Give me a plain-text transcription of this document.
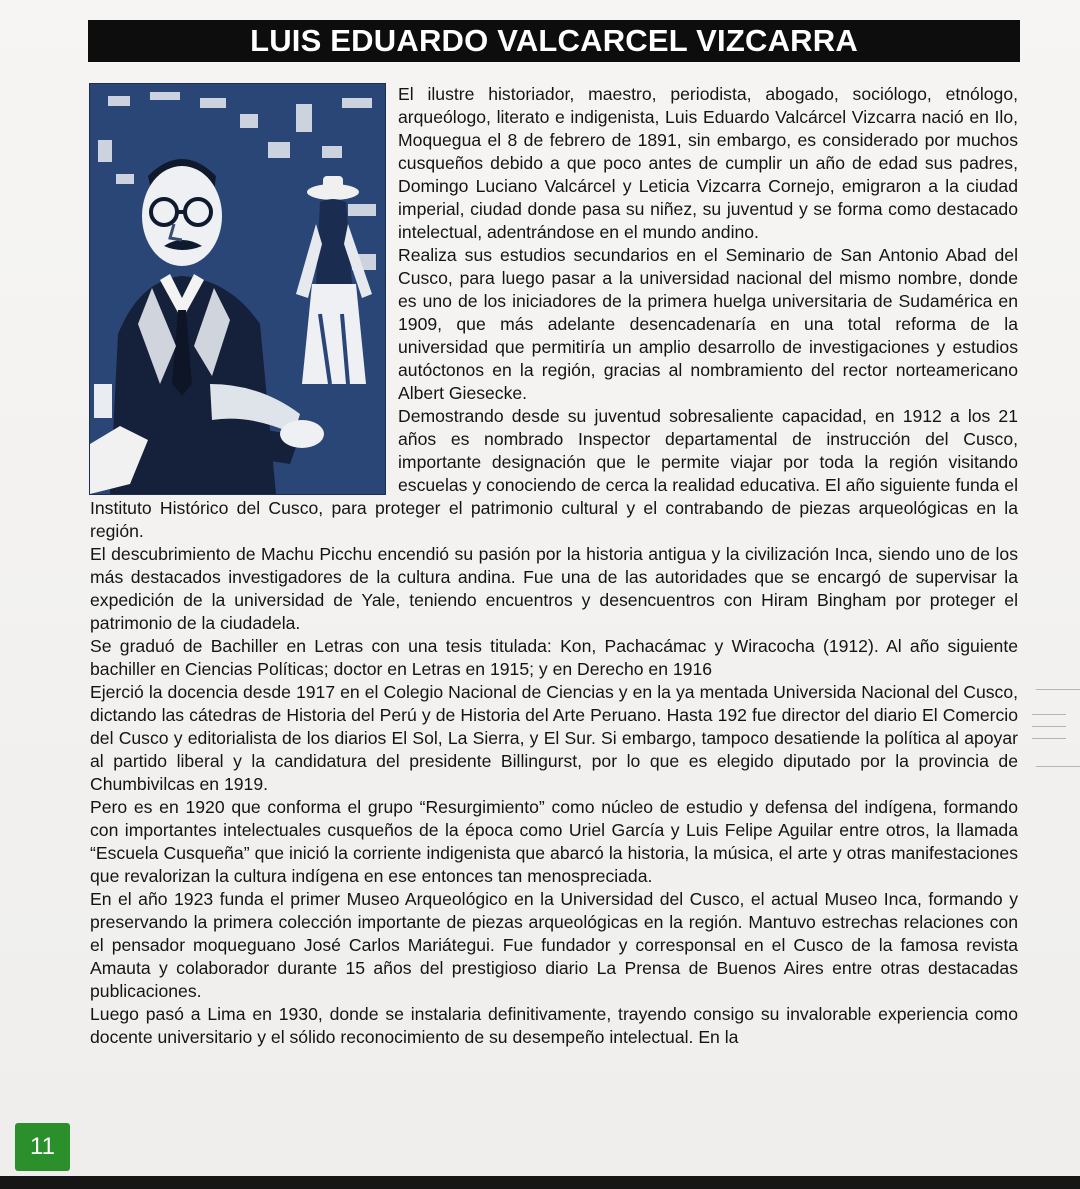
LUIS EDUARDO VALCARCEL VIZCARRA

El ilustre historiador, maestro, periodista, abogado, sociólogo, etnólogo, arqueólogo, literato e indigenista, Luis Eduardo Valcárcel Vizcarra nació en Ilo, Moquegua el 8 de febrero de 1891, sin embargo, es considerado por muchos cusqueños debido a que poco antes de cumplir un año de edad sus padres, Domingo Luciano Valcárcel y Leticia Vizcarra Cornejo, emigraron a la ciudad imperial, ciudad donde pasa su niñez, su juventud y se forma como destacado intelectual, adentrándose en el mundo andino.

Realiza sus estudios secundarios en el Seminario de San Antonio Abad del Cusco, para luego pasar a la universidad nacional del mismo nombre, donde es uno de los iniciadores de la primera huelga universitaria de Sudamérica en 1909, que más adelante desencadenaría en una total reforma de la universidad que permitiría un amplio desarrollo de investigaciones y estudios autóctonos en la región, gracias al nombramiento del rector norteamericano Albert Giesecke.

Demostrando desde su juventud sobresaliente capacidad, en 1912 a los 21 años es nombrado Inspector departamental de instrucción del Cusco, importante designación que le permite viajar por toda la región visitando escuelas y conociendo de cerca la realidad educativa. El año siguiente funda el Instituto Histórico del Cusco, para proteger el patrimonio cultural y el contrabando de piezas arqueológicas en la región.

El descubrimiento de Machu Picchu encendió su pasión por la historia antigua y la civilización Inca, siendo uno de los más destacados investigadores de la cultura andina. Fue una de las autoridades que se encargó de supervisar la expedición de la universidad de Yale, teniendo encuentros y desencuentros con Hiram Bingham por proteger el patrimonio de la ciudadela.

Se graduó de Bachiller en Letras con una tesis titulada: Kon, Pachacámac y Wiracocha (1912). Al año siguiente bachiller en Ciencias Políticas; doctor en Letras en 1915; y en Derecho en 1916

Ejerció la docencia desde 1917 en el Colegio Nacional de Ciencias y en la ya mentada Universida Nacional del Cusco, dictando las cátedras de Historia del Perú y de Historia del Arte Peruano. Hasta 192 fue director del diario El Comercio del Cusco y editorialista de los diarios El Sol, La Sierra, y El Sur. Si embargo, tampoco desatiende la política al apoyar al partido liberal y la candidatura del presidente Billingurst, por lo que es elegido diputado por la provincia de Chumbivilcas en 1919.

Pero es en 1920 que conforma el grupo “Resurgimiento” como núcleo de estudio y defensa del indígena, formando con importantes intelectuales cusqueños de la época como Uriel García y Luis Felipe Aguilar entre otros, la llamada “Escuela Cusqueña” que inició la corriente indigenista que abarcó la historia, la música, el arte y otras manifestaciones que revalorizan la cultura indígena en ese entonces tan menospreciada.

En el año 1923 funda el primer Museo Arqueológico en la Universidad del Cusco, el actual Museo Inca, formando y preservando la primera colección importante de piezas arqueológicas en la región. Mantuvo estrechas relaciones con el pensador moqueguano José Carlos Mariátegui. Fue fundador y corresponsal en el Cusco de la famosa revista Amauta y colaborador durante 15 años del prestigioso diario La Prensa de Buenos Aires entre otras destacadas publicaciones.

Luego pasó a Lima en 1930, donde se instalaria definitivamente, trayendo consigo su invalorable experiencia como docente universitario y el sólido reconocimiento de su desempeño intelectual. En la

11
